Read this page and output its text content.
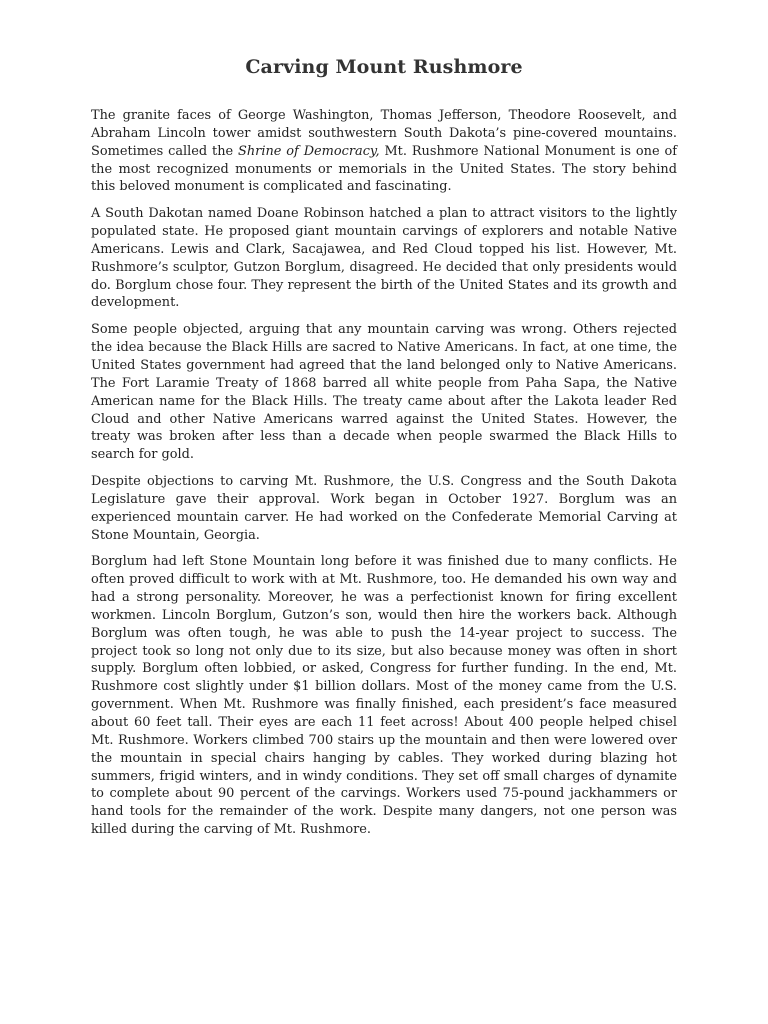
Carving Mount Rushmore

The granite faces of George Washington, Thomas Jefferson, Theodore Roosevelt, and Abraham Lincoln tower amidst southwestern South Dakota’s pine-covered mountains. Sometimes called the Shrine of Democracy, Mt. Rushmore National Monument is one of the most recognized monuments or memorials in the United States. The story behind this beloved monument is complicated and fascinating.

A South Dakotan named Doane Robinson hatched a plan to attract visitors to the lightly populated state. He proposed giant mountain carvings of explorers and notable Native Americans. Lewis and Clark, Sacajawea, and Red Cloud topped his list. However, Mt. Rushmore’s sculptor, Gutzon Borglum, disagreed. He decided that only presidents would do. Borglum chose four. They represent the birth of the United States and its growth and development.

Some people objected, arguing that any mountain carving was wrong. Others rejected the idea because the Black Hills are sacred to Native Americans. In fact, at one time, the United States government had agreed that the land belonged only to Native Americans. The Fort Laramie Treaty of 1868 barred all white people from Paha Sapa, the Native American name for the Black Hills. The treaty came about after the Lakota leader Red Cloud and other Native Americans warred against the United States. However, the treaty was broken after less than a decade when people swarmed the Black Hills to search for gold.

Despite objections to carving Mt. Rushmore, the U.S. Congress and the South Dakota Legislature gave their approval. Work began in October 1927. Borglum was an experienced mountain carver. He had worked on the Confederate Memorial Carving at Stone Mountain, Georgia.

Borglum had left Stone Mountain long before it was finished due to many conflicts. He often proved difficult to work with at Mt. Rushmore, too. He demanded his own way and had a strong personality. Moreover, he was a perfectionist known for firing excellent workmen. Lincoln Borglum, Gutzon’s son, would then hire the workers back. Although Borglum was often tough, he was able to push the 14-year project to success. The project took so long not only due to its size, but also because money was often in short supply. Borglum often lobbied, or asked, Congress for further funding. In the end, Mt. Rushmore cost slightly under $1 billion dollars. Most of the money came from the U.S. government. When Mt. Rushmore was finally finished, each president’s face measured about 60 feet tall. Their eyes are each 11 feet across! About 400 people helped chisel Mt. Rushmore. Workers climbed 700 stairs up the mountain and then were lowered over the mountain in special chairs hanging by cables. They worked during blazing hot summers, frigid winters, and in windy conditions. They set off small charges of dynamite to complete about 90 percent of the carvings. Workers used 75-pound jackhammers or hand tools for the remainder of the work. Despite many dangers, not one person was killed during the carving of Mt. Rushmore.
